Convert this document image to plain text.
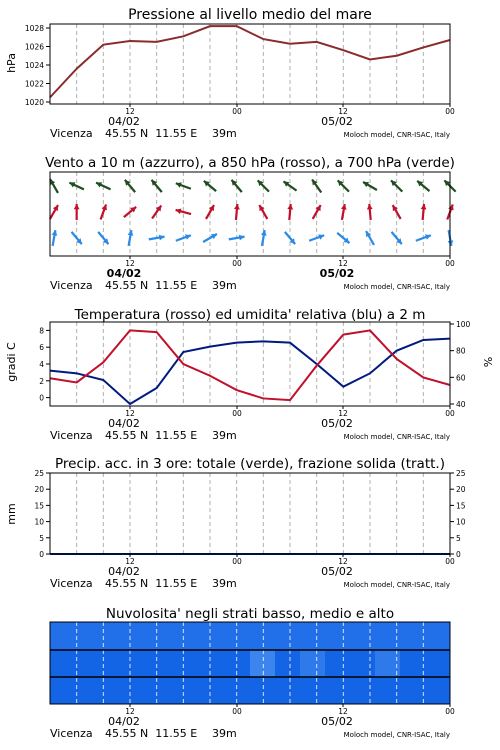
Pressione al livello medio del mare
hPa
1020
1022
1024
1026
1028
12	00	12	00
04/02	05/02
Vicenza 45.55 N  11.55 E 39m	Moloch model, CNR-ISAC, Italy
Vento a 10 m (azzurro), a 850 hPa (rosso), a 700 hPa (verde)
12	00	12	00
04/02	05/02
Vicenza 45.55 N  11.55 E 39m	Moloch model, CNR-ISAC, Italy
Temperatura (rosso) ed umidita' relativa (blu) a 2 m
gradi C	%
0
2
4
6
8
40
60
80
100
12	00	12	00
04/02	05/02
Vicenza 45.55 N  11.55 E 39m	Moloch model, CNR-ISAC, Italy
Precip. acc. in 3 ore: totale (verde), frazione solida (tratt.)
mm
0
5
10
15
20
25
0
5
10
15
20
25
12	00	12	00
04/02	05/02
Vicenza 45.55 N  11.55 E 39m	Moloch model, CNR-ISAC, Italy
Nuvolosita' negli strati basso, medio e alto
12	00	12	00
04/02	05/02
Vicenza 45.55 N  11.55 E 39m	Moloch model, CNR-ISAC, Italy
